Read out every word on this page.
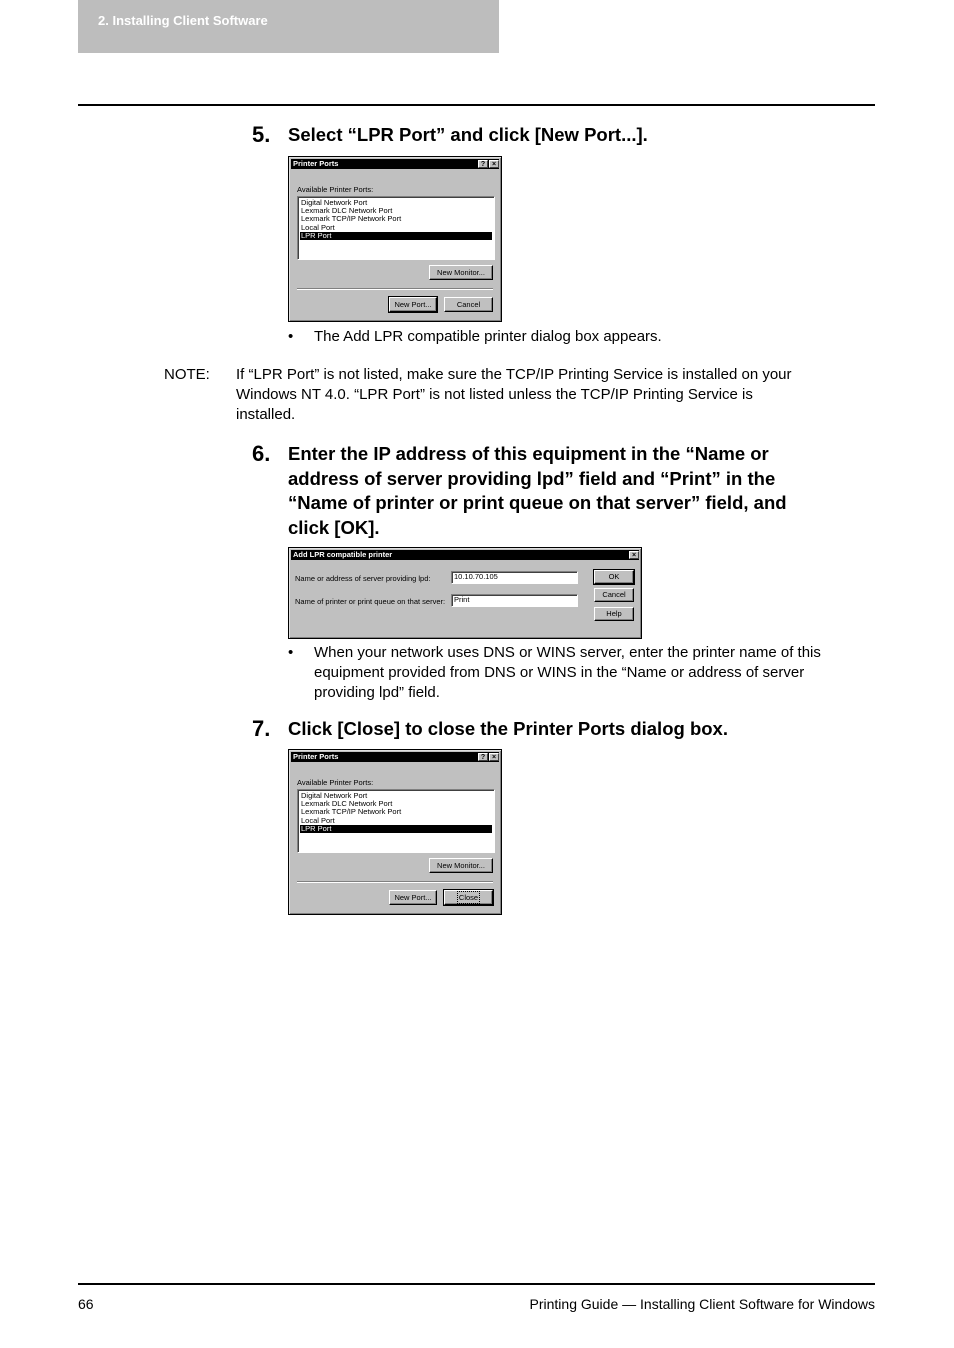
2. Installing Client Software
5. Select “LPR Port” and click [New Port...].
Printer Ports	? ×
Available Printer Ports:
Digital Network Port
Lexmark DLC Network Port
Lexmark TCP/IP Network Port
Local Port
LPR Port
New Monitor...
New Port...	Cancel
• The Add LPR compatible printer dialog box appears.
NOTE: If “LPR Port” is not listed, make sure the TCP/IP Printing Service is installed on your
Windows NT 4.0. “LPR Port” is not listed unless the TCP/IP Printing Service is
installed.
6. Enter the IP address of this equipment in the “Name or
address of server providing lpd” field and “Print” in the
“Name of printer or print queue on that server” field, and
click [OK].
Add LPR compatible printer	×
Name or address of server providing lpd:	10.10.70.105
Name of printer or print queue on that server:	Print
OK
Cancel
Help
• When your network uses DNS or WINS server, enter the printer name of this
equipment provided from DNS or WINS in the “Name or address of server
providing lpd” field.
7. Click [Close] to close the Printer Ports dialog box.
Printer Ports	? ×
Available Printer Ports:
Digital Network Port
Lexmark DLC Network Port
Lexmark TCP/IP Network Port
Local Port
LPR Port
New Monitor...
New Port...	Close
66	Printing Guide — Installing Client Software for Windows
